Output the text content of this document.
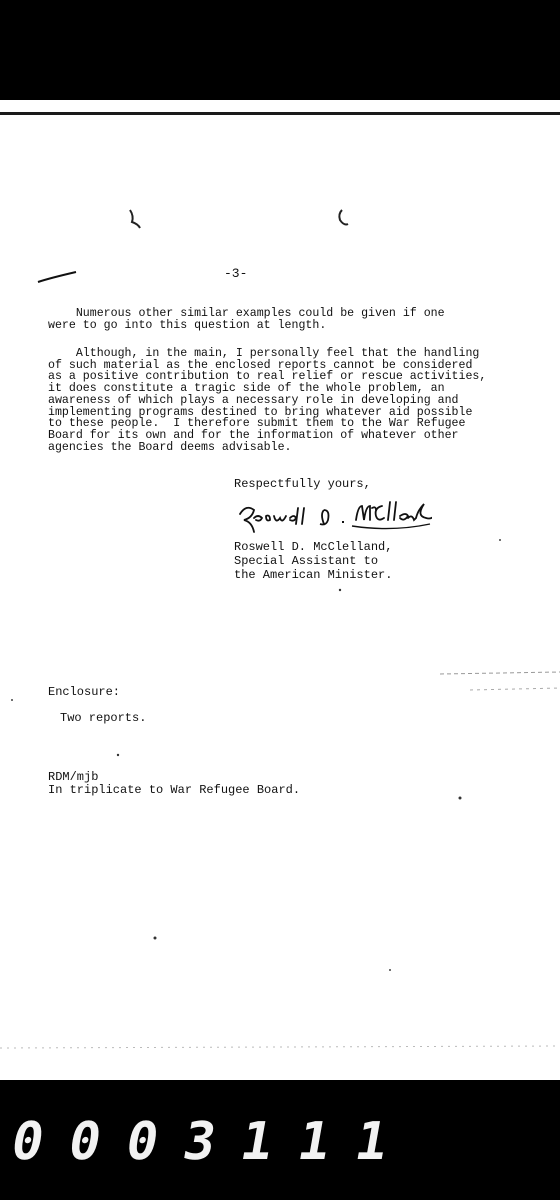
-3-

Numerous other similar examples could be given if one

were to go into this question at length.

Although, in the main, I personally feel that the handling

of such material as the enclosed reports cannot be considered

as a positive contribution to real relief or rescue activities,

it does constitute a tragic side of the whole problem, an

awareness of which plays a necessary role in developing and

implementing programs destined to bring whatever aid possible

to these people.  I therefore submit them to the War Refugee

Board for its own and for the information of whatever other

agencies the Board deems advisable.

Respectfully yours,

Roswell D. McClelland,

Special Assistant to

the American Minister.

Enclosure:
Two reports.
RDM/mjb
In triplicate to War Refugee Board.
0003111
